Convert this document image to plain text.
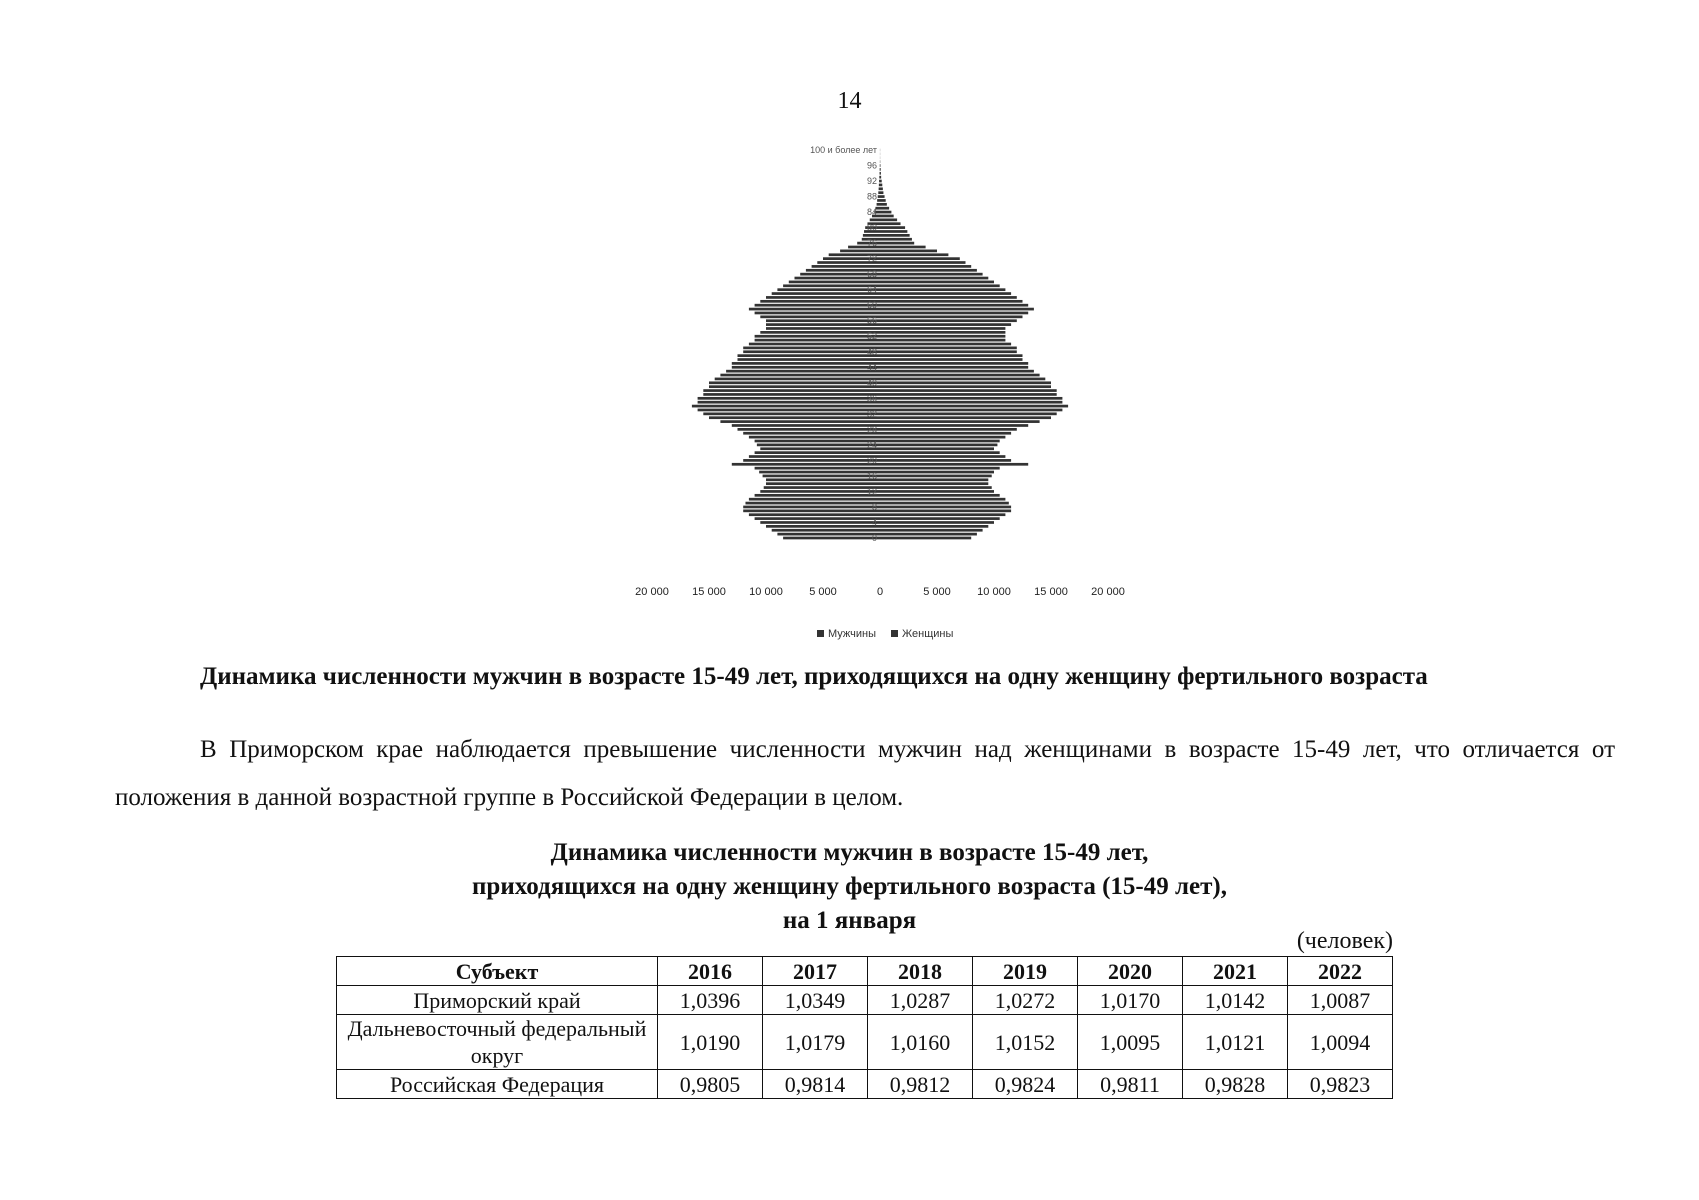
14
100 и более лет
96
92
88
84
80
76
72
68
64
60
56
52
48
44
40
36
32
28
24
20
16
12
8
4
0
20 000 15 000 10 000 5 000	0	5 000 10 000 15 000 20 000
Мужчины Женщины

Динамика численности мужчин в возрасте 15-49 лет, приходящихся на одну женщину фертильного возраста

В Приморском крае наблюдается превышение численности мужчин над женщинами в возрасте 15-49 лет, что отличается от положения в данной возрастной группе в Российской Федерации в целом.

Динамика численности мужчин в возрасте 15-49 лет,
приходящихся на одну женщину фертильного возраста (15-49 лет),
на 1 января
(человек)
Субъект	2016	2017	2018	2019	2020	2021	2022
Приморский край	1,0396	1,0349	1,0287	1,0272	1,0170	1,0142	1,0087
Дальневосточный федеральный округ	1,0190	1,0179	1,0160	1,0152	1,0095	1,0121	1,0094
Российская Федерация	0,9805	0,9814	0,9812	0,9824	0,9811	0,9828	0,9823
